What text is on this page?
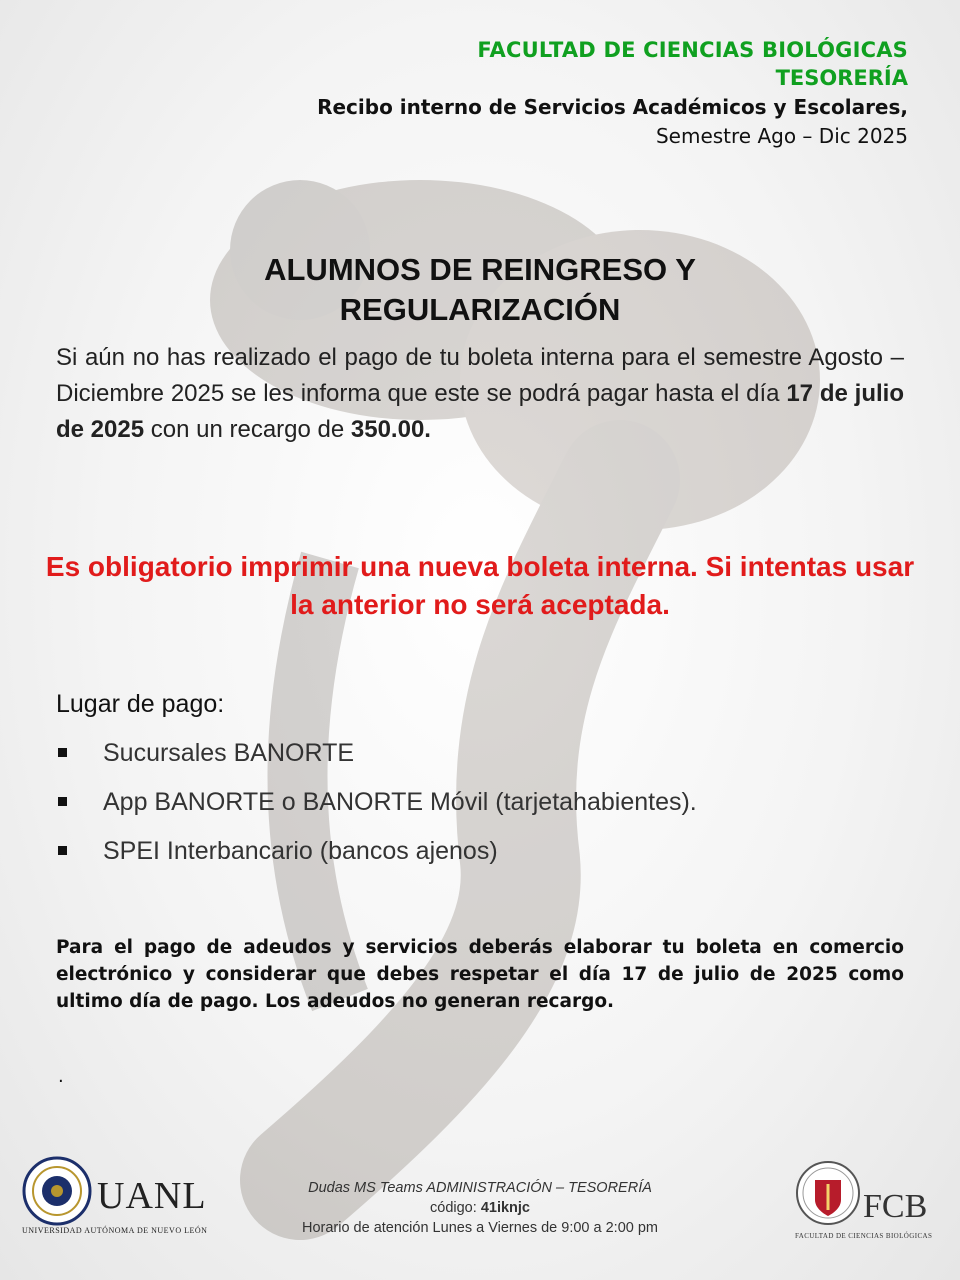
FACULTAD DE CIENCIAS BIOLÓGICAS
TESORERÍA
Recibo interno de Servicios Académicos y Escolares,
Semestre Ago – Dic 2025
ALUMNOS DE REINGRESO Y
REGULARIZACIÓN
Si aún no has realizado el pago de tu boleta interna para el semestre Agosto – Diciembre 2025 se les informa que este se podrá pagar hasta el día 17 de julio de 2025 con un recargo de 350.00.
Es obligatorio imprimir una nueva boleta interna. Si intentas usar la anterior no será aceptada.
Lugar de pago:
Sucursales BANORTE
App BANORTE o BANORTE Móvil (tarjetahabientes).
SPEI Interbancario (bancos ajenos)
Para el pago de adeudos y servicios deberás elaborar tu boleta en comercio electrónico y considerar que debes respetar el día 17 de julio de 2025 como ultimo día de pago. Los adeudos no generan recargo.
.
UANL
UNIVERSIDAD AUTÓNOMA DE NUEVO LEÓN
Dudas MS Teams ADMINISTRACIÓN – TESORERÍA
código: 41iknjc
Horario de atención Lunes a Viernes de 9:00 a 2:00 pm
FCB
FACULTAD DE CIENCIAS BIOLÓGICAS
